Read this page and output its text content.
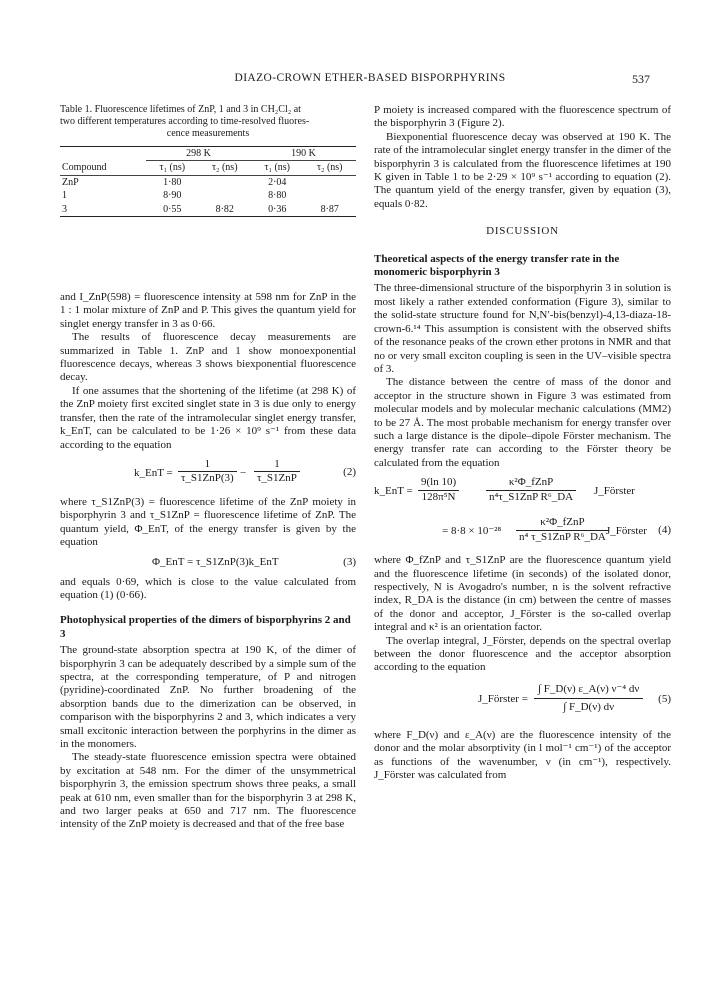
DIAZO-CROWN ETHER-BASED BISPORPHYRINS	537
Table 1. Fluorescence lifetimes of ZnP, 1 and 3 in CH₂Cl₂ at
two different temperatures according to time-resolved fluores-
cence measurements
	298 K		190 K	
Compound	τ₁ (ns)	τ₂ (ns)	τ₁ (ns)	τ₂ (ns)
ZnP	1·80		2·04	
1	8·90		8·80	
3	0·55	8·82	0·36	8·87

and I_ZnP(598) = fluorescence intensity at 598 nm for ZnP in the 1 : 1 molar mixture of ZnP and P. This gives the quantum yield for singlet energy transfer in 3 as 0·66.

The results of fluorescence decay measurements are summarized in Table 1. ZnP and 1 show monoexponential fluorescence decays, whereas 3 shows biexponential fluorescence decay.

If one assumes that the shortening of the lifetime (at 298 K) of the ZnP moiety first excited singlet state in 3 is due only to energy transfer, then the rate of the intramolecular singlet energy transfer, k_EnT, can be calculated to be 1·26 × 10⁹ s⁻¹ from these data according to the equation

k_EnT =
1
τ_S1ZnP(3) −
1
τ_S1ZnP
(2)

where τ_S1ZnP(3) = fluorescence lifetime of the ZnP moiety in bisporphyrin 3 and τ_S1ZnP = fluorescence lifetime of ZnP. The quantum yield, Φ_EnT, of the energy transfer is given by the equation

Φ_EnT = τ_S1ZnP(3)k_EnT	(3)

and equals 0·69, which is close to the value calculated from equation (1) (0·66).

Photophysical properties of the dimers of bisporphyrins 2 and 3

The ground-state absorption spectra at 190 K, of the dimer of bisporphyrin 3 can be adequately described by a simple sum of the spectra, at the corresponding temperature, of P and nitrogen (pyridine)-coordinated ZnP. No further broadening of the absorption bands due to the dimerization can be observed, in comparison with the bisporphyrins 2 and 3, which indicates a very small excitonic interaction between the porphyrins in the dimer as in the monomers.

The steady-state fluorescence emission spectra were obtained by excitation at 548 nm. For the dimer of the unsymmetrical bisporphyrin 3, the emission spectrum shows three peaks, a small peak at 610 nm, even smaller than for the bisporphyrin 3 at 298 K, and two larger peaks at 650 and 717 nm. The fluorescence intensity of the ZnP moiety is decreased and that of the free base

P moiety is increased compared with the fluorescence spectrum of the bisporphyrin 3 (Figure 2).

Biexponential fluorescence decay was observed at 190 K. The rate of the intramolecular singlet energy transfer in the dimer of the bisporphyrin 3 is calculated from the fluorescence lifetimes at 190 K given in Table 1 to be 2·29 × 10⁹ s⁻¹ according to equation (2). The quantum yield of the energy transfer, given by equation (3), equals 0·82.

DISCUSSION

Theoretical aspects of the energy transfer rate in the monomeric bisporphyrin 3

The three-dimensional structure of the bisporphyrin 3 in solution is most likely a rather extended conformation (Figure 3), similar to the solid-state structure found for N,N′-bis(benzyl)-4,13-diaza-18-crown-6.¹⁴ This assumption is consistent with the observed shifts of the resonance peaks of the crown ether protons in NMR and that no or very small exciton coupling is seen in the UV–visible spectra of 3.

The distance between the centre of mass of the donor and acceptor in the structure shown in Figure 3 was estimated from molecular models and by molecular mechanic calculations (MM2) to be 27 Å. The most probable mechanism for energy transfer over such a large distance is the dipole–dipole Förster mechanism. The energy transfer rate can according to the Förster theory be calculated from the equation

k_EnT = $\frac{9(\ln 10)}{\text{128π⁵N}}$	κ²Φ_fZnP
n⁴τ_S1ZnP R⁶_DA J_Förster
= 8·8 × 10⁻²⁸
κ²Φ_fZnP
n⁴ τ_S1ZnP R⁶_DA J_Förster (4)

where Φ_fZnP and τ_S1ZnP are the fluorescence quantum yield and the fluorescence lifetime (in seconds) of the isolated donor, respectively, N is Avogadro's number, n is the solvent refractive index, R_DA is the distance (in cm) between the centre of masses of the donor and acceptor, J_Förster is the so-called overlap integral and κ² is an orientation factor.

The overlap integral, J_Förster, depends on the spectral overlap between the donor fluorescence and the acceptor absorption according to the equation

J_Förster = $\frac{\text{∫ F\_D(ν) ε\_A(ν) ν⁻⁴ dν}}{\int F\_D(\nu) d\nu} (5)$

where F_D(ν) and ε_A(ν) are the fluorescence intensity of the donor and the molar absorptivity (in l mol⁻¹ cm⁻¹) of the acceptor as functions of the wavenumber, ν (in cm⁻¹), respectively. J_Förster was calculated from
